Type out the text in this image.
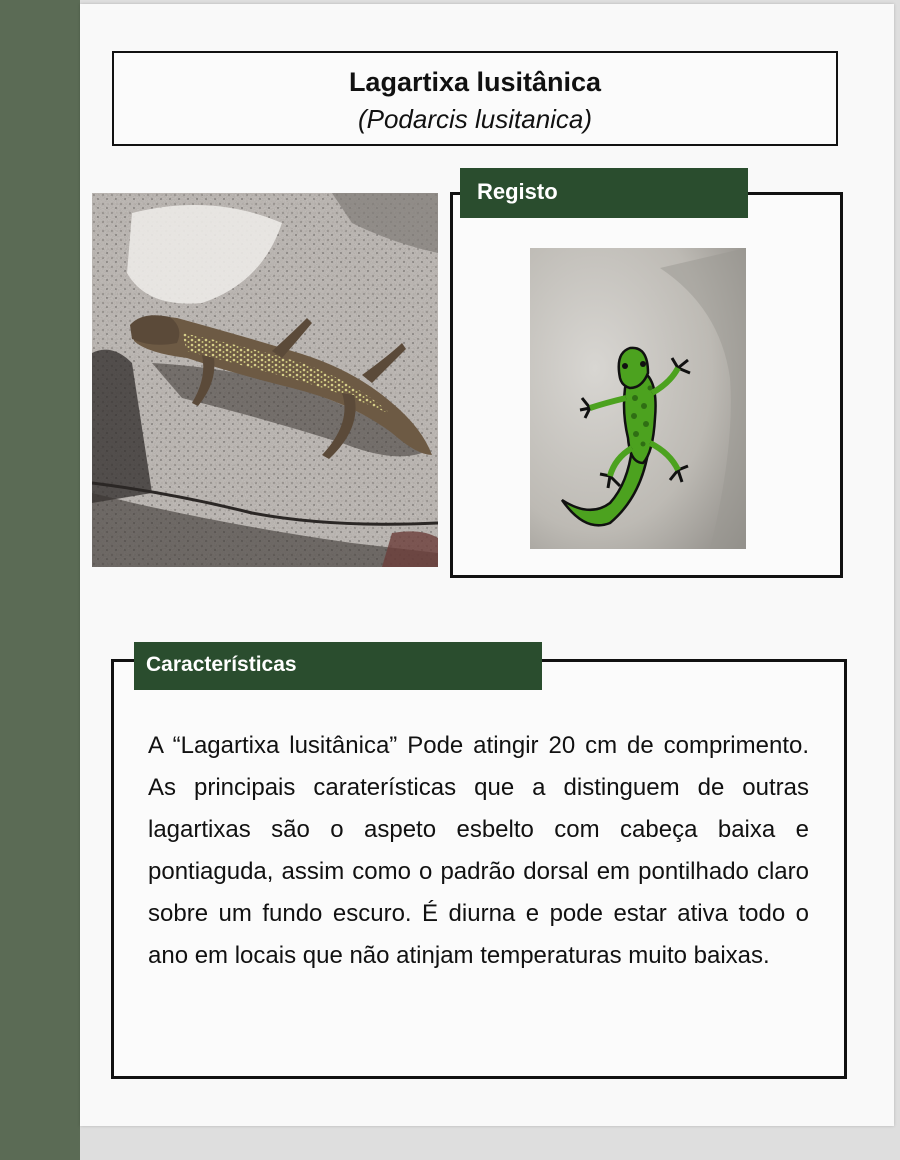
Lagartixa lusitânica
(Podarcis lusitanica)
Registo
Características

A “Lagartixa lusitânica” Pode atingir 20 cm de comprimento. As principais caraterísticas que a distinguem de outras lagartixas são o aspeto esbelto com cabeça baixa e pontiaguda, assim como o padrão dorsal em pontilhado claro sobre um fundo escuro. É diurna e pode estar ativa todo o ano em locais que não atinjam temperaturas muito baixas.
